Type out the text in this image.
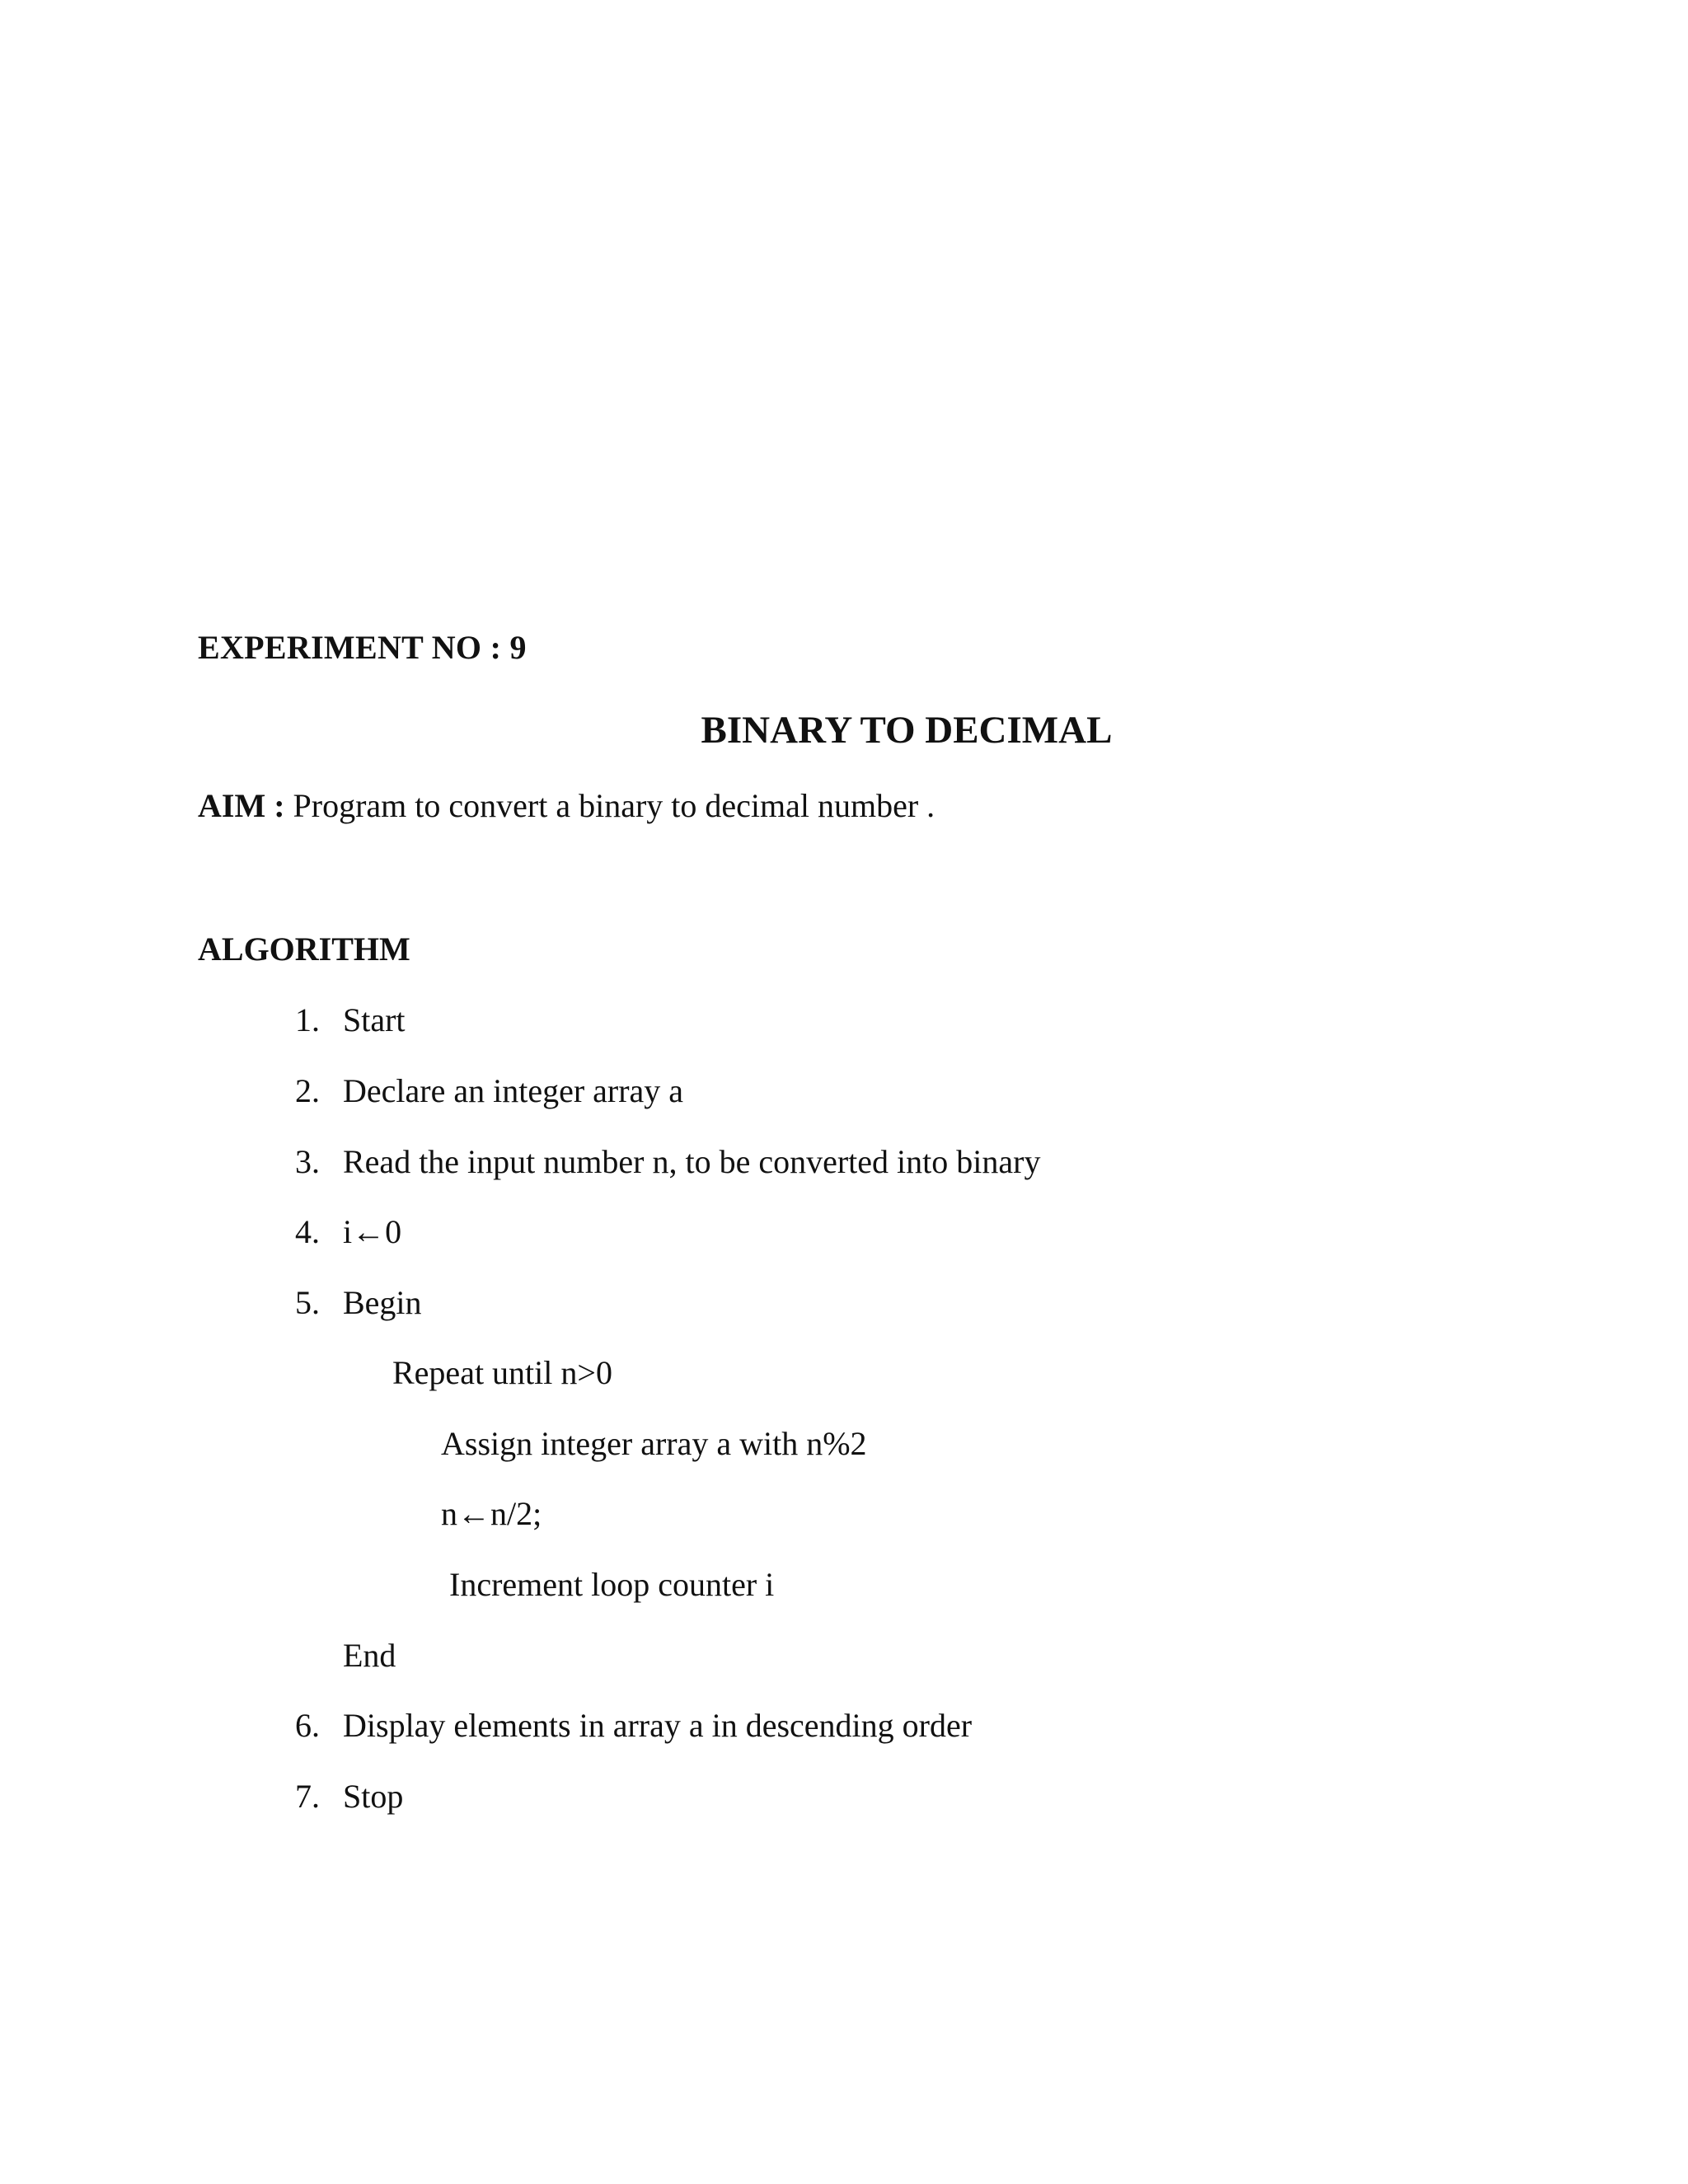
EXPERIMENT NO : 9
BINARY TO DECIMAL
AIM : Program to convert a binary to decimal number .
ALGORITHM
1. Start
2. Declare an integer array a
3. Read the input number n, to be converted into binary
4. i←0
5. Begin
Repeat until n>0
Assign integer array a with n%2
n←n/2;
Increment loop counter i
End
6. Display elements in array a in descending order
7. Stop
